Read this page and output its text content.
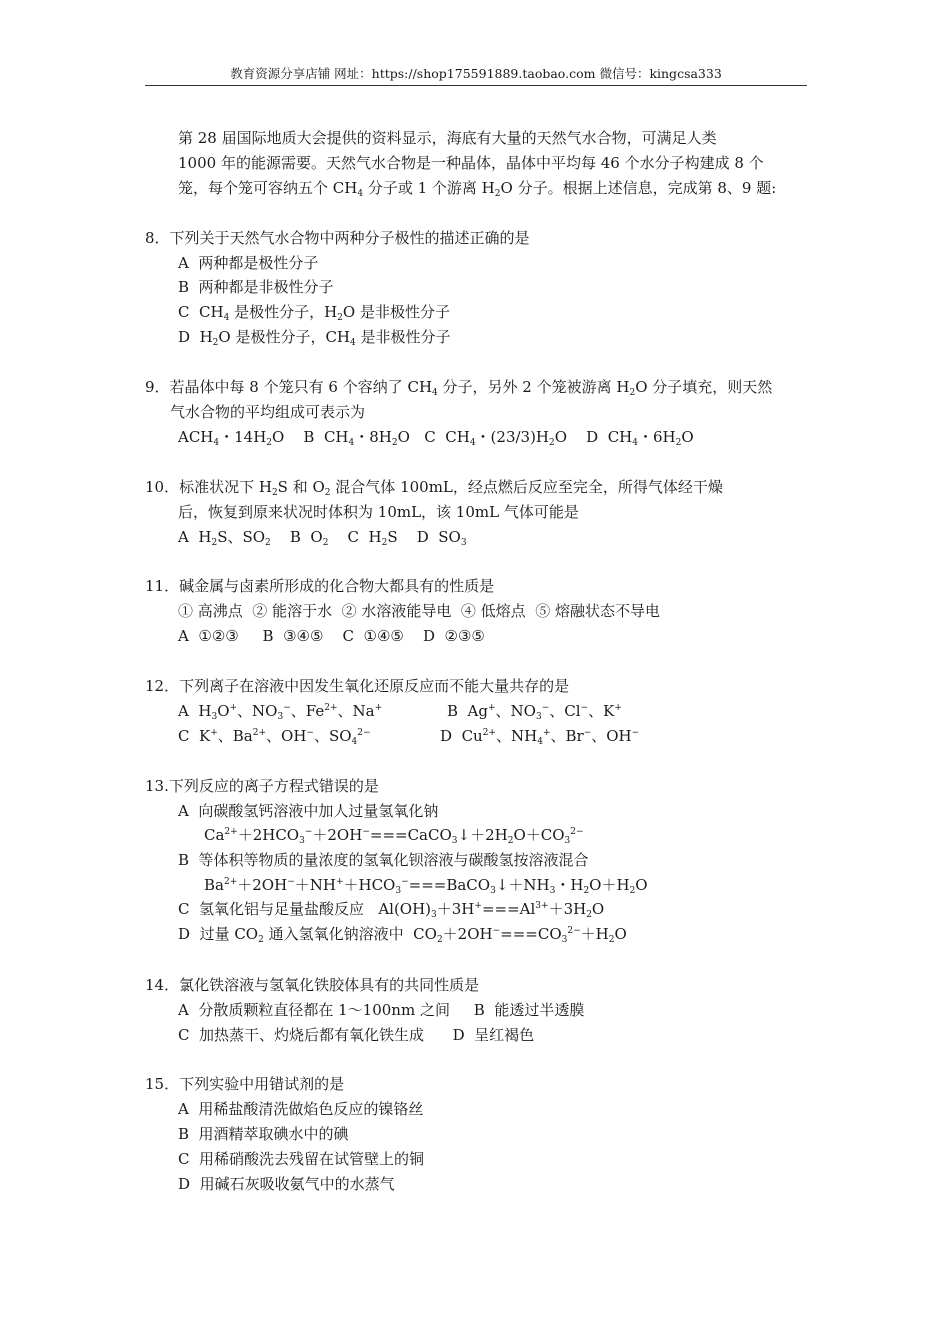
教育资源分享店铺 网址：https://shop175591889.taobao.com 微信号：kingcsa333
第 28 届国际地质大会提供的资料显示，海底有大量的天然气水合物，可满足人类
1000 年的能源需要。天然气水合物是一种晶体，晶体中平均每 46 个水分子构建成 8 个
笼，每个笼可容纳五个 $CH_4$ 分子或 1 个游离 $H_2O$ 分子。根据上述信息，完成第 8、9 题:
8．下列关于天然气水合物中两种分子极性的描述正确的是
A  两种都是极性分子
B  两种都是非极性分子
C  $CH_4$ 是极性分子，$H_2O$ 是非极性分子
D  $H_2O$ 是极性分子，$CH_4$ 是非极性分子
9．若晶体中每 8 个笼只有 6 个容纳了 $CH_4$ 分子，另外 2 个笼被游离 $H_2O$ 分子填充，则天然
气水合物的平均组成可表示为
$ACH_4$・$14H_2O$    B  $CH_4$・$8H_2O$   C  $CH_4$・$(23/3)H_2O$    D  $CH_4$・$6H_2O$
10．标准状况下 $H_2S$ 和 $O_2$ 混合气体 100mL，经点燃后反应至完全，所得气体经干燥
后，恢复到原来状况时体积为 10mL，该 10mL 气体可能是
A  $H_2S$、$SO_2$    B  $O_2$    C  $H_2S$    D  $SO_3$
11．碱金属与卤素所形成的化合物大都具有的性质是
① 高沸点  ② 能溶于水  ② 水溶液能导电  ④ 低熔点  ⑤ 熔融状态不导电
A  ①②③     B  ③④⑤    C  ①④⑤    D  ②③⑤
12．下列离子在溶液中因发生氧化还原反应而不能大量共存的是
A  $H_3O^+$、$NO_3^-$、$Fe^{2+}$、Na+	B  Ag+、$NO_3^-$、Cl−、K+
C  K+、$Ba^{2+}$、OH−、$SO_4^{2-}$	D  $Cu^{2+}$、$NH_4^+$、Br−、OH−
13.下列反应的离子方程式错误的是
A  向碳酸氢钙溶液中加人过量氢氧化钠
$Ca^{2+}+2HCO_3^-+2OH^-===CaCO_3↓+2H_2O+CO_3^{2-}$
B  等体积等物质的量浓度的氢氧化钡溶液与碳酸氢按溶液混合
$Ba^{2+}+2OH^-+NH^++HCO_3^-===BaCO_3↓+NH_3$・$H_2O+H_2O$
C  氢氧化铝与足量盐酸反应   $Al(OH)_3+3H^+===Al^{3+}+3H_2O$
D  过量 $CO_2$ 通入氢氧化钠溶液中  $CO_2+2OH^-===CO_3^{2-}+H_2O$
14．氯化铁溶液与氢氧化铁胶体具有的共同性质是
A  分散质颗粒直径都在 1～100nm 之间     B  能透过半透膜
C  加热蒸干、灼烧后都有氧化铁生成      D  呈红褐色
15．下列实验中用错试剂的是
A  用稀盐酸清洗做焰色反应的镍铬丝
B  用酒精萃取碘水中的碘
C  用稀硝酸洗去残留在试管壁上的铜
D  用碱石灰吸收氨气中的水蒸气
